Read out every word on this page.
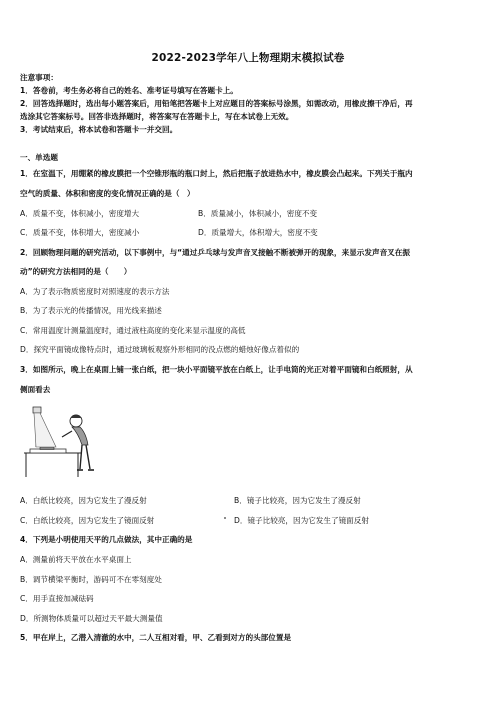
2022-2023学年八上物理期末模拟试卷
注意事项：
1．答卷前，考生务必将自己的姓名、准考证号填写在答题卡上。
2．回答选择题时，选出每小题答案后，用铅笔把答题卡上对应题目的答案标号涂黑，如需改动，用橡皮擦干净后，再
选涂其它答案标号。回答非选择题时，将答案写在答题卡上，写在本试卷上无效。
3．考试结束后，将本试卷和答题卡一并交回。
一、单选题
1．在室温下，用绷紧的橡皮膜把一个空锥形瓶的瓶口封上，然后把瓶子放进热水中，橡皮膜会凸起来。下列关于瓶内
空气的质量、体积和密度的变化情况正确的是（　）
A．质量不变，体积减小，密度增大	B．质量减小，体积减小，密度不变
C．质量不变，体积增大，密度减小	D．质量增大，体积增大，密度不变
2．回顾物理问题的研究活动，以下事例中，与“通过乒乓球与发声音叉接触不断被弹开的现象，来显示发声音叉在振
动”的研究方法相同的是（　　）
A．为了表示物质密度时对照速度的表示方法
B．为了表示光的传播情况，用光线来描述
C．常用温度计测量温度时，通过液柱高度的变化来显示温度的高低
D．探究平面镜成像特点时，通过玻璃板观察外形相同的没点燃的蜡烛好像点着似的
3．如图所示，晚上在桌面上铺一张白纸，把一块小平面镜平放在白纸上，让手电筒的光正对着平面镜和白纸照射，从
侧面看去
A．白纸比较亮，因为它发生了漫反射	B．镜子比较亮，因为它发生了漫反射
C．白纸比较亮，因为它发生了镜面反射	D．镜子比较亮，因为它发生了镜面反射
4．下列是小明使用天平的几点做法，其中正确的是
A．测量前将天平放在水平桌面上
B．调节横梁平衡时，游码可不在零刻度处
C．用手直接加减砝码
D．所测物体质量可以超过天平最大测量值
5．甲在岸上，乙潜入清澈的水中，二人互相对看，甲、乙看到对方的头部位置是
